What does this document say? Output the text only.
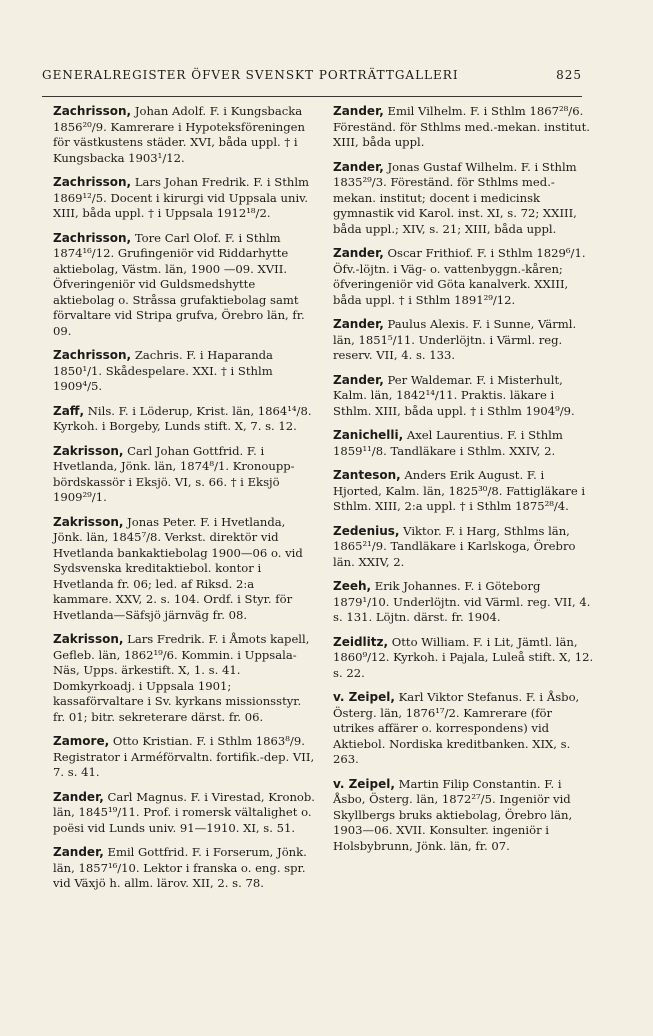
GENERALREGISTER ÖFVER SVENSKT PORTRÄTTGALLERI	825
Zachrisson, Johan Adolf. F. i Kungsbacka 1856²⁰/9. Kamrerare i Hypoteksföreningen för västkustens städer. XVI, båda uppl. † i Kungsbacka 1903¹/12.
Zachrisson, Lars Johan Fredrik. F. i Sthlm 1869¹²/5. Docent i kirurgi vid Uppsala univ. XIII, båda uppl. † i Uppsala 1912¹⁸/2.
Zachrisson, Tore Carl Olof. F. i Sthlm 1874¹⁶/12. Grufingeniör vid Riddarhytte aktiebolag, Västm. län, 1900 —09. XVII. Öfveringeniör vid Guldsmedshytte aktiebolag o. Stråssa grufaktiebolag samt förvaltare vid Stripa grufva, Örebro län, fr. 09.
Zachrisson, Zachris. F. i Haparanda 1850¹/1. Skådespelare. XXI. † i Sthlm 1909⁴/5.
Zaff, Nils. F. i Löderup, Krist. län, 1864¹⁴/8. Kyrkoh. i Borgeby, Lunds stift. X, 7. s. 12.
Zakrisson, Carl Johan Gottfrid. F. i Hvetlanda, Jönk. län, 1874⁸/1. Kronouppbördskassör i Eksjö. VI, s. 66. † i Eksjö 1909²⁹/1.
Zakrisson, Jonas Peter. F. i Hvetlanda, Jönk. län, 1845⁷/8. Verkst. direktör vid Hvetlanda bankaktiebolag 1900—06 o. vid Sydsvenska kreditaktiebol. kontor i Hvetlanda fr. 06; led. af Riksd. 2:a kammare. XXV, 2. s. 104. Ordf. i Styr. för Hvetlanda—Säfsjö järnväg fr. 08.
Zakrisson, Lars Fredrik. F. i Åmots kapell, Gefleb. län, 1862¹⁹/6. Kommin. i Uppsala-Näs, Upps. ärkestift. X, 1. s. 41. Domkyrkoadj. i Uppsala 1901; kassaförvaltare i Sv. kyrkans missionsstyr. fr. 01; bitr. sekreterare därst. fr. 06.
Zamore, Otto Kristian. F. i Sthlm 1863⁸/9. Registrator i Arméförvaltn. fortifik.-dep. VII, 7. s. 41.
Zander, Carl Magnus. F. i Virestad, Kronob. län, 1845¹⁹/11. Prof. i romersk vältalighet o. poësi vid Lunds univ. 91—1910. XI, s. 51.
Zander, Emil Gottfrid. F. i Forserum, Jönk. län, 1857¹⁶/10. Lektor i franska o. eng. spr. vid Växjö h. allm. lärov. XII, 2. s. 78.
Zander, Emil Vilhelm. F. i Sthlm 1867²⁸/6. Föreständ. för Sthlms med.-mekan. institut. XIII, båda uppl.
Zander, Jonas Gustaf Wilhelm. F. i Sthlm 1835²⁹/3. Föreständ. för Sthlms med.-mekan. institut; docent i medicinsk gymnastik vid Karol. inst. XI, s. 72; XXIII, båda uppl.; XIV, s. 21; XIII, båda uppl.
Zander, Oscar Frithiof. F. i Sthlm 1829⁶/1. Öfv.-löjtn. i Väg- o. vattenbyggn.-kåren; öfveringeniör vid Göta kanalverk. XXIII, båda uppl. † i Sthlm 1891²⁹/12.
Zander, Paulus Alexis. F. i Sunne, Värml. län, 1851⁵/11. Underlöjtn. i Värml. reg. reserv. VII, 4. s. 133.
Zander, Per Waldemar. F. i Misterhult, Kalm. län, 1842¹⁴/11. Praktis. läkare i Sthlm. XIII, båda uppl. † i Sthlm 1904⁹/9.
Zanichelli, Axel Laurentius. F. i Sthlm 1859¹¹/8. Tandläkare i Sthlm. XXIV, 2.
Zanteson, Anders Erik August. F. i Hjorted, Kalm. län, 1825³⁰/8. Fattigläkare i Sthlm. XIII, 2:a uppl. † i Sthlm 1875²⁸/4.
Zedenius, Viktor. F. i Harg, Sthlms län, 1865²¹/9. Tandläkare i Karlskoga, Örebro län. XXIV, 2.
Zeeh, Erik Johannes. F. i Göteborg 1879¹/10. Underlöjtn. vid Värml. reg. VII, 4. s. 131. Löjtn. därst. fr. 1904.
Zeidlitz, Otto William. F. i Lit, Jämtl. län, 1860⁹/12. Kyrkoh. i Pajala, Luleå stift. X, 12. s. 22.
v. Zeipel, Karl Viktor Stefanus. F. i Åsbo, Österg. län, 1876¹⁷/2. Kamrerare (för utrikes affärer o. korrespondens) vid Aktiebol. Nordiska kreditbanken. XIX, s. 263.
v. Zeipel, Martin Filip Constantin. F. i Åsbo, Österg. län, 1872²⁷/5. Ingeniör vid Skyllbergs bruks aktiebolag, Örebro län, 1903—06. XVII. Konsulter. ingeniör i Holsbybrunn, Jönk. län, fr. 07.
